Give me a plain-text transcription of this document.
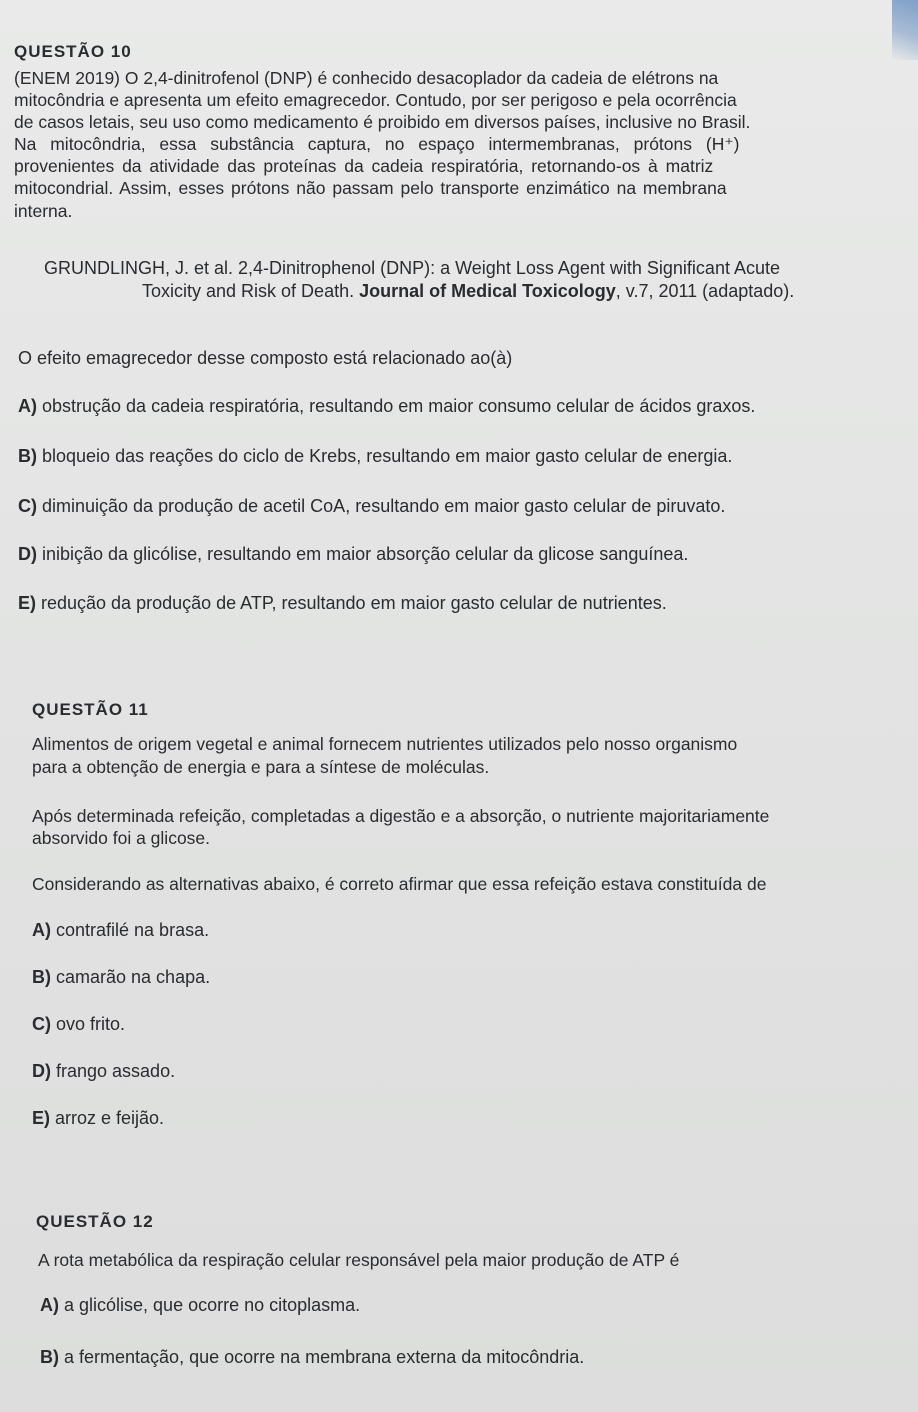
QUESTÃO 10
(ENEM 2019) O 2,4-dinitrofenol (DNP) é conhecido desacoplador da cadeia de elétrons na
mitocôndria e apresenta um efeito emagrecedor. Contudo, por ser perigoso e pela ocorrência
de casos letais, seu uso como medicamento é proibido em diversos países, inclusive no Brasil.
Na mitocôndria, essa substância captura, no espaço intermembranas, prótons (H⁺)
provenientes da atividade das proteínas da cadeia respiratória, retornando-os à matriz
mitocondrial. Assim, esses prótons não passam pelo transporte enzimático na membrana
interna.
GRUNDLINGH, J. et al. 2,4-Dinitrophenol (DNP): a Weight Loss Agent with Significant Acute
Toxicity and Risk of Death. Journal of Medical Toxicology, v.7, 2011 (adaptado).
O efeito emagrecedor desse composto está relacionado ao(à)
A) obstrução da cadeia respiratória, resultando em maior consumo celular de ácidos graxos.
B) bloqueio das reações do ciclo de Krebs, resultando em maior gasto celular de energia.
C) diminuição da produção de acetil CoA, resultando em maior gasto celular de piruvato.
D) inibição da glicólise, resultando em maior absorção celular da glicose sanguínea.
E) redução da produção de ATP, resultando em maior gasto celular de nutrientes.
QUESTÃO 11
Alimentos de origem vegetal e animal fornecem nutrientes utilizados pelo nosso organismo
para a obtenção de energia e para a síntese de moléculas.
Após determinada refeição, completadas a digestão e a absorção, o nutriente majoritariamente
absorvido foi a glicose.
Considerando as alternativas abaixo, é correto afirmar que essa refeição estava constituída de
A) contrafilé na brasa.
B) camarão na chapa.
C) ovo frito.
D) frango assado.
E) arroz e feijão.
QUESTÃO 12
A rota metabólica da respiração celular responsável pela maior produção de ATP é
A) a glicólise, que ocorre no citoplasma.
B) a fermentação, que ocorre na membrana externa da mitocôndria.
